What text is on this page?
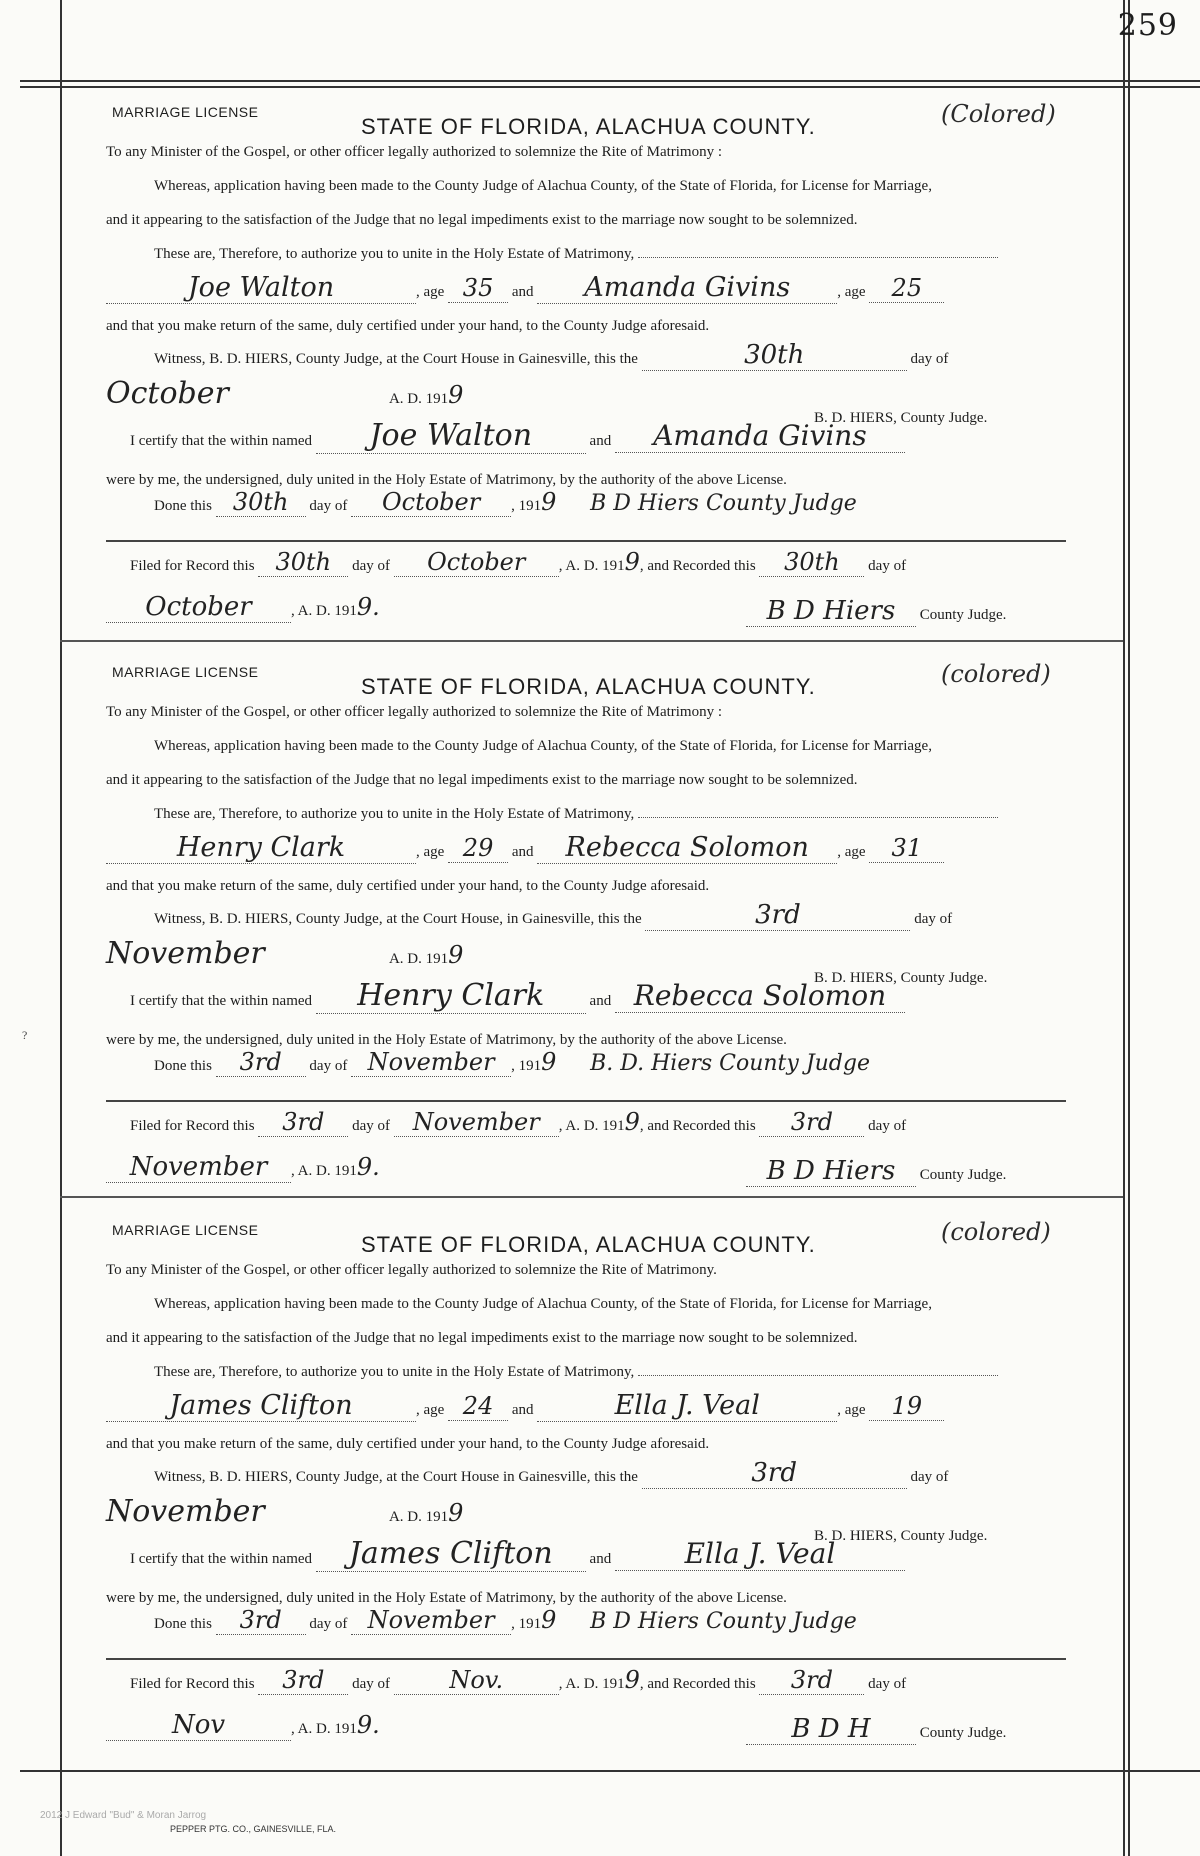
259
?
MARRIAGE LICENSE
STATE OF FLORIDA, ALACHUA COUNTY.	(Colored)
To any Minister of the Gospel, or other officer legally authorized to solemnize the Rite of Matrimony :
Whereas, application having been made to the County Judge of Alachua County, of the State of Florida, for License for Marriage,
and it appearing to the satisfaction of the Judge that no legal impediments exist to the marriage now sought to be solemnized.
These are, Therefore, to authorize you to unite in the Holy Estate of Matrimony,
Joe Walton	, age 35 and Amanda Givins	, age 25
and that you make return of the same, duly certified under your hand, to the County Judge aforesaid.
Witness, B. D. HIERS, County Judge, at the Court House in Gainesville, this the	30th	day of
October	A. D. 1919
B. D. HIERS, County Judge.
I certify that the within named Joe Walton	and Amanda Givins
were by me, the undersigned, duly united in the Holy Estate of Matrimony, by the authority of the above License.
Done this 30th day of October , 1919 B D Hiers County Judge
Filed for Record this 30th day of October , A. D. 1919, and Recorded this 30th day of
October	, A. D. 1919.	B D Hiers County Judge.
MARRIAGE LICENSE
STATE OF FLORIDA, ALACHUA COUNTY.	(colored)
To any Minister of the Gospel, or other officer legally authorized to solemnize the Rite of Matrimony :
Whereas, application having been made to the County Judge of Alachua County, of the State of Florida, for License for Marriage,
and it appearing to the satisfaction of the Judge that no legal impediments exist to the marriage now sought to be solemnized.
These are, Therefore, to authorize you to unite in the Holy Estate of Matrimony,
Henry Clark	, age 29 and Rebecca Solomon , age 31
and that you make return of the same, duly certified under your hand, to the County Judge aforesaid.
Witness, B. D. HIERS, County Judge, at the Court House, in Gainesville, this the	3rd	day of
November	A. D. 1919
B. D. HIERS, County Judge.
I certify that the within named Henry Clark	and Rebecca Solomon
were by me, the undersigned, duly united in the Holy Estate of Matrimony, by the authority of the above License.
Done this 3rd day of November , 1919 B. D. Hiers County Judge
Filed for Record this 3rd day of November , A. D. 1919, and Recorded this 3rd day of
November , A. D. 1919.	B D Hiers County Judge.
MARRIAGE LICENSE
STATE OF FLORIDA, ALACHUA COUNTY.	(colored)
To any Minister of the Gospel, or other officer legally authorized to solemnize the Rite of Matrimony.
Whereas, application having been made to the County Judge of Alachua County, of the State of Florida, for License for Marriage,
and it appearing to the satisfaction of the Judge that no legal impediments exist to the marriage now sought to be solemnized.
These are, Therefore, to authorize you to unite in the Holy Estate of Matrimony,
James Clifton	, age 24 and	Ella J. Veal	, age 19
and that you make return of the same, duly certified under your hand, to the County Judge aforesaid.
Witness, B. D. HIERS, County Judge, at the Court House in Gainesville, this the	3rd	day of
November	A. D. 1919
B. D. HIERS, County Judge.
I certify that the within named James Clifton and	Ella J. Veal
were by me, the undersigned, duly united in the Holy Estate of Matrimony, by the authority of the above License.
Done this 3rd day of November , 1919 B D Hiers County Judge
Filed for Record this 3rd day of Nov.	, A. D. 1919, and Recorded this 3rd day of
Nov	, A. D. 1919.	B D H	County Judge.
2012 J Edward "Bud" & Moran Jarrog
PEPPER PTG. CO., GAINESVILLE, FLA.
